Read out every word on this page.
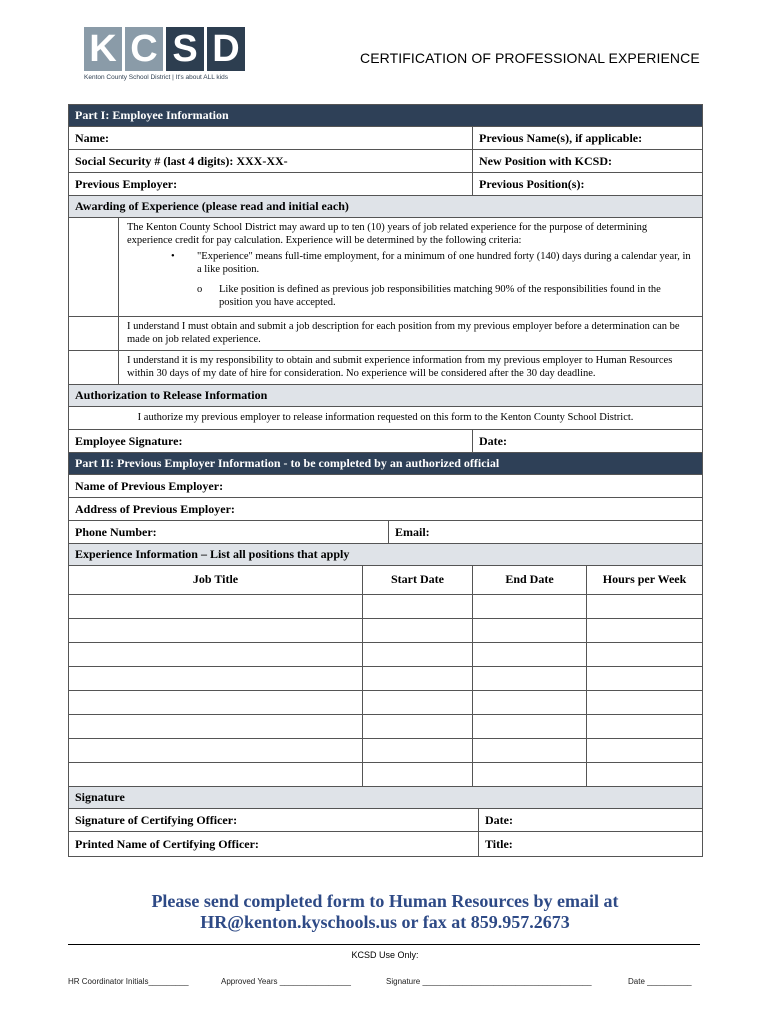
K C S D
Kenton County School District | It's about ALL kids
CERTIFICATION OF PROFESSIONAL EXPERIENCE
Part I: Employee Information						
Name:				Previous Name(s), if applicable:		
Social Security # (last 4 digits): XXX-XX-				New Position with KCSD:		
Previous Employer:				Previous Position(s):		
Awarding of Experience (please read and initial each)						

	The Kenton County School District may award up to ten (10) years of job related experience for the purpose of determining experience credit for pay calculation. Experience will be determined by the following criteria:
• "Experience" means full-time employment, for a minimum of one hundred forty (140) days during a calendar year, in a like position.
o Like position is defined as previous job responsibilities matching 90% of the responsibilities found in the position you have accepted.					

	I understand I must obtain and submit a job description for each position from my previous employer before a determination can be made on job related experience.					
	I understand it is my responsibility to obtain and submit experience information from my previous employer to Human Resources within 30 days of my date of hire for consideration. No experience will be considered after the 30 day deadline.					
Authorization to Release Information						
I authorize my previous employer to release information requested on this form to the Kenton County School District.						
Employee Signature:				Date:		
Part II: Previous Employer Information - to be completed by an authorized official						
Name of Previous Employer:						
Address of Previous Employer:						
Phone Number:			Email:			
Experience Information – List all positions that apply						
Job Title		Start Date		End Date		Hours per Week

Signature						
Signature of Certifying Officer:					Date:	
Printed Name of Certifying Officer:					Title:	
Please send completed form to Human Resources by email at
HR@kenton.kyschools.us or fax at 859.957.2673
KCSD Use Only:
HR Coordinator Initials_________	Approved Years ________________	Signature ______________________________________	Date __________
